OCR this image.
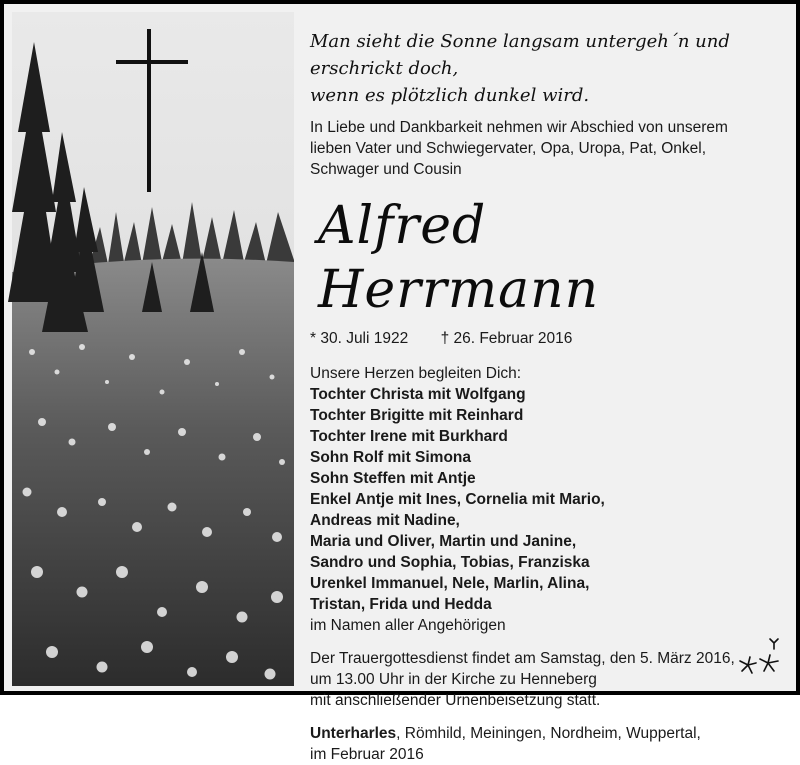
Man sieht die Sonne langsam untergeh´n und erschrickt doch,
wenn es plötzlich dunkel wird.

In Liebe und Dankbarkeit nehmen wir Abschied von unserem
lieben Vater und Schwiegervater, Opa, Uropa, Pat, Onkel,
Schwager und Cousin

Alfred Herrmann

* 30. Juli 1922 † 26. Februar 2016

Unsere Herzen begleiten Dich:
Tochter Christa mit Wolfgang
Tochter Brigitte mit Reinhard
Tochter Irene mit Burkhard
Sohn Rolf mit Simona
Sohn Steffen mit Antje
Enkel Antje mit Ines, Cornelia mit Mario,
Andreas mit Nadine,
Maria und Oliver, Martin und Janine,
Sandro und Sophia, Tobias, Franziska
Urenkel Immanuel, Nele, Marlin, Alina,
Tristan, Frida und Hedda
im Namen aller Angehörigen

Der Trauergottesdienst findet am Samstag, den 5. März 2016,
um 13.00 Uhr in der Kirche zu Henneberg
mit anschließender Urnenbeisetzung statt.

Unterharles, Römhild, Meiningen, Nordheim, Wuppertal,
im Februar 2016
